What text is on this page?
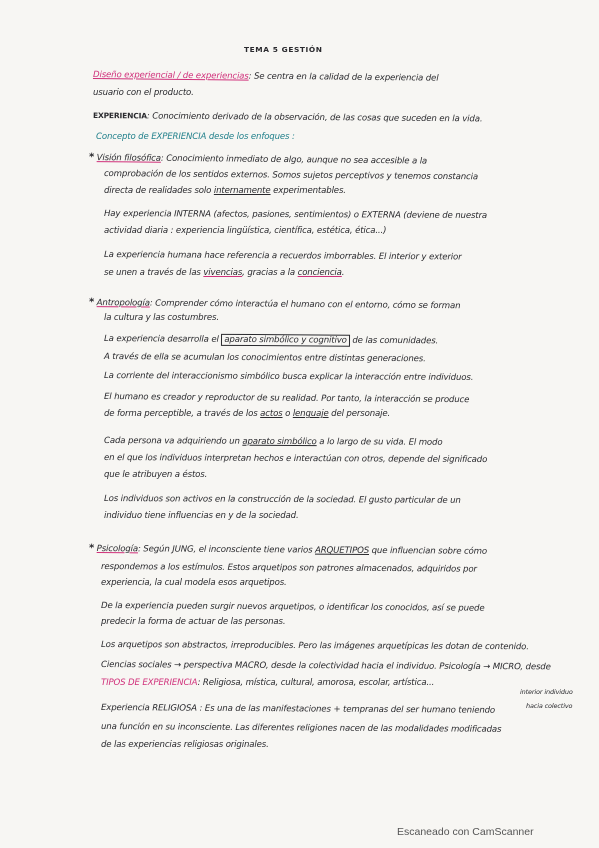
TEMA 5 GESTIÓN
Diseño experiencial / de experiencias: Se centra en la calidad de la experiencia del
usuario con el producto.
EXPERIENCIA: Conocimiento derivado de la observación, de las cosas que suceden en la vida.
Concepto de EXPERIENCIA desde los enfoques :
* Visión filosófica: Conocimiento inmediato de algo, aunque no sea accesible a la
comprobación de los sentidos externos. Somos sujetos perceptivos y tenemos constancia
directa de realidades solo internamente experimentables.
Hay experiencia INTERNA (afectos, pasiones, sentimientos) o EXTERNA (deviene de nuestra
actividad diaria : experiencia lingüística, científica, estética, ética...)
La experiencia humana hace referencia a recuerdos imborrables. El interior y exterior
se unen a través de las vivencias, gracias a la conciencia.
* Antropología: Comprender cómo interactúa el humano con el entorno, cómo se forman
la cultura y las costumbres.
La experiencia desarrolla el aparato simbólico y cognitivo de las comunidades.
A través de ella se acumulan los conocimientos entre distintas generaciones.
La corriente del interaccionismo simbólico busca explicar la interacción entre individuos.
El humano es creador y reproductor de su realidad. Por tanto, la interacción se produce
de forma perceptible, a través de los actos o lenguaje del personaje.
Cada persona va adquiriendo un aparato simbólico a lo largo de su vida. El modo
en el que los individuos interpretan hechos e interactúan con otros, depende del significado
que le atribuyen a éstos.
Los individuos son activos en la construcción de la sociedad. El gusto particular de un
individuo tiene influencias en y de la sociedad.
* Psicología: Según JUNG, el inconsciente tiene varios ARQUETIPOS que influencian sobre cómo
respondemos a los estímulos. Estos arquetipos son patrones almacenados, adquiridos por
experiencia, la cual modela esos arquetipos.
De la experiencia pueden surgir nuevos arquetipos, o identificar los conocidos, así se puede
predecir la forma de actuar de las personas.
Los arquetipos son abstractos, irreproducibles. Pero las imágenes arquetípicas les dotan de contenido.
Ciencias sociales → perspectiva MACRO, desde la colectividad hacia el individuo. Psicología → MICRO, desde
interior individuo
TIPOS DE EXPERIENCIA: Religiosa, mística, cultural, amorosa, escolar, artística...
hacia colectivo
Experiencia RELIGIOSA : Es una de las manifestaciones + tempranas del ser humano teniendo
una función en su inconsciente. Las diferentes religiones nacen de las modalidades modificadas
de las experiencias religiosas originales.
Escaneado con CamScanner
